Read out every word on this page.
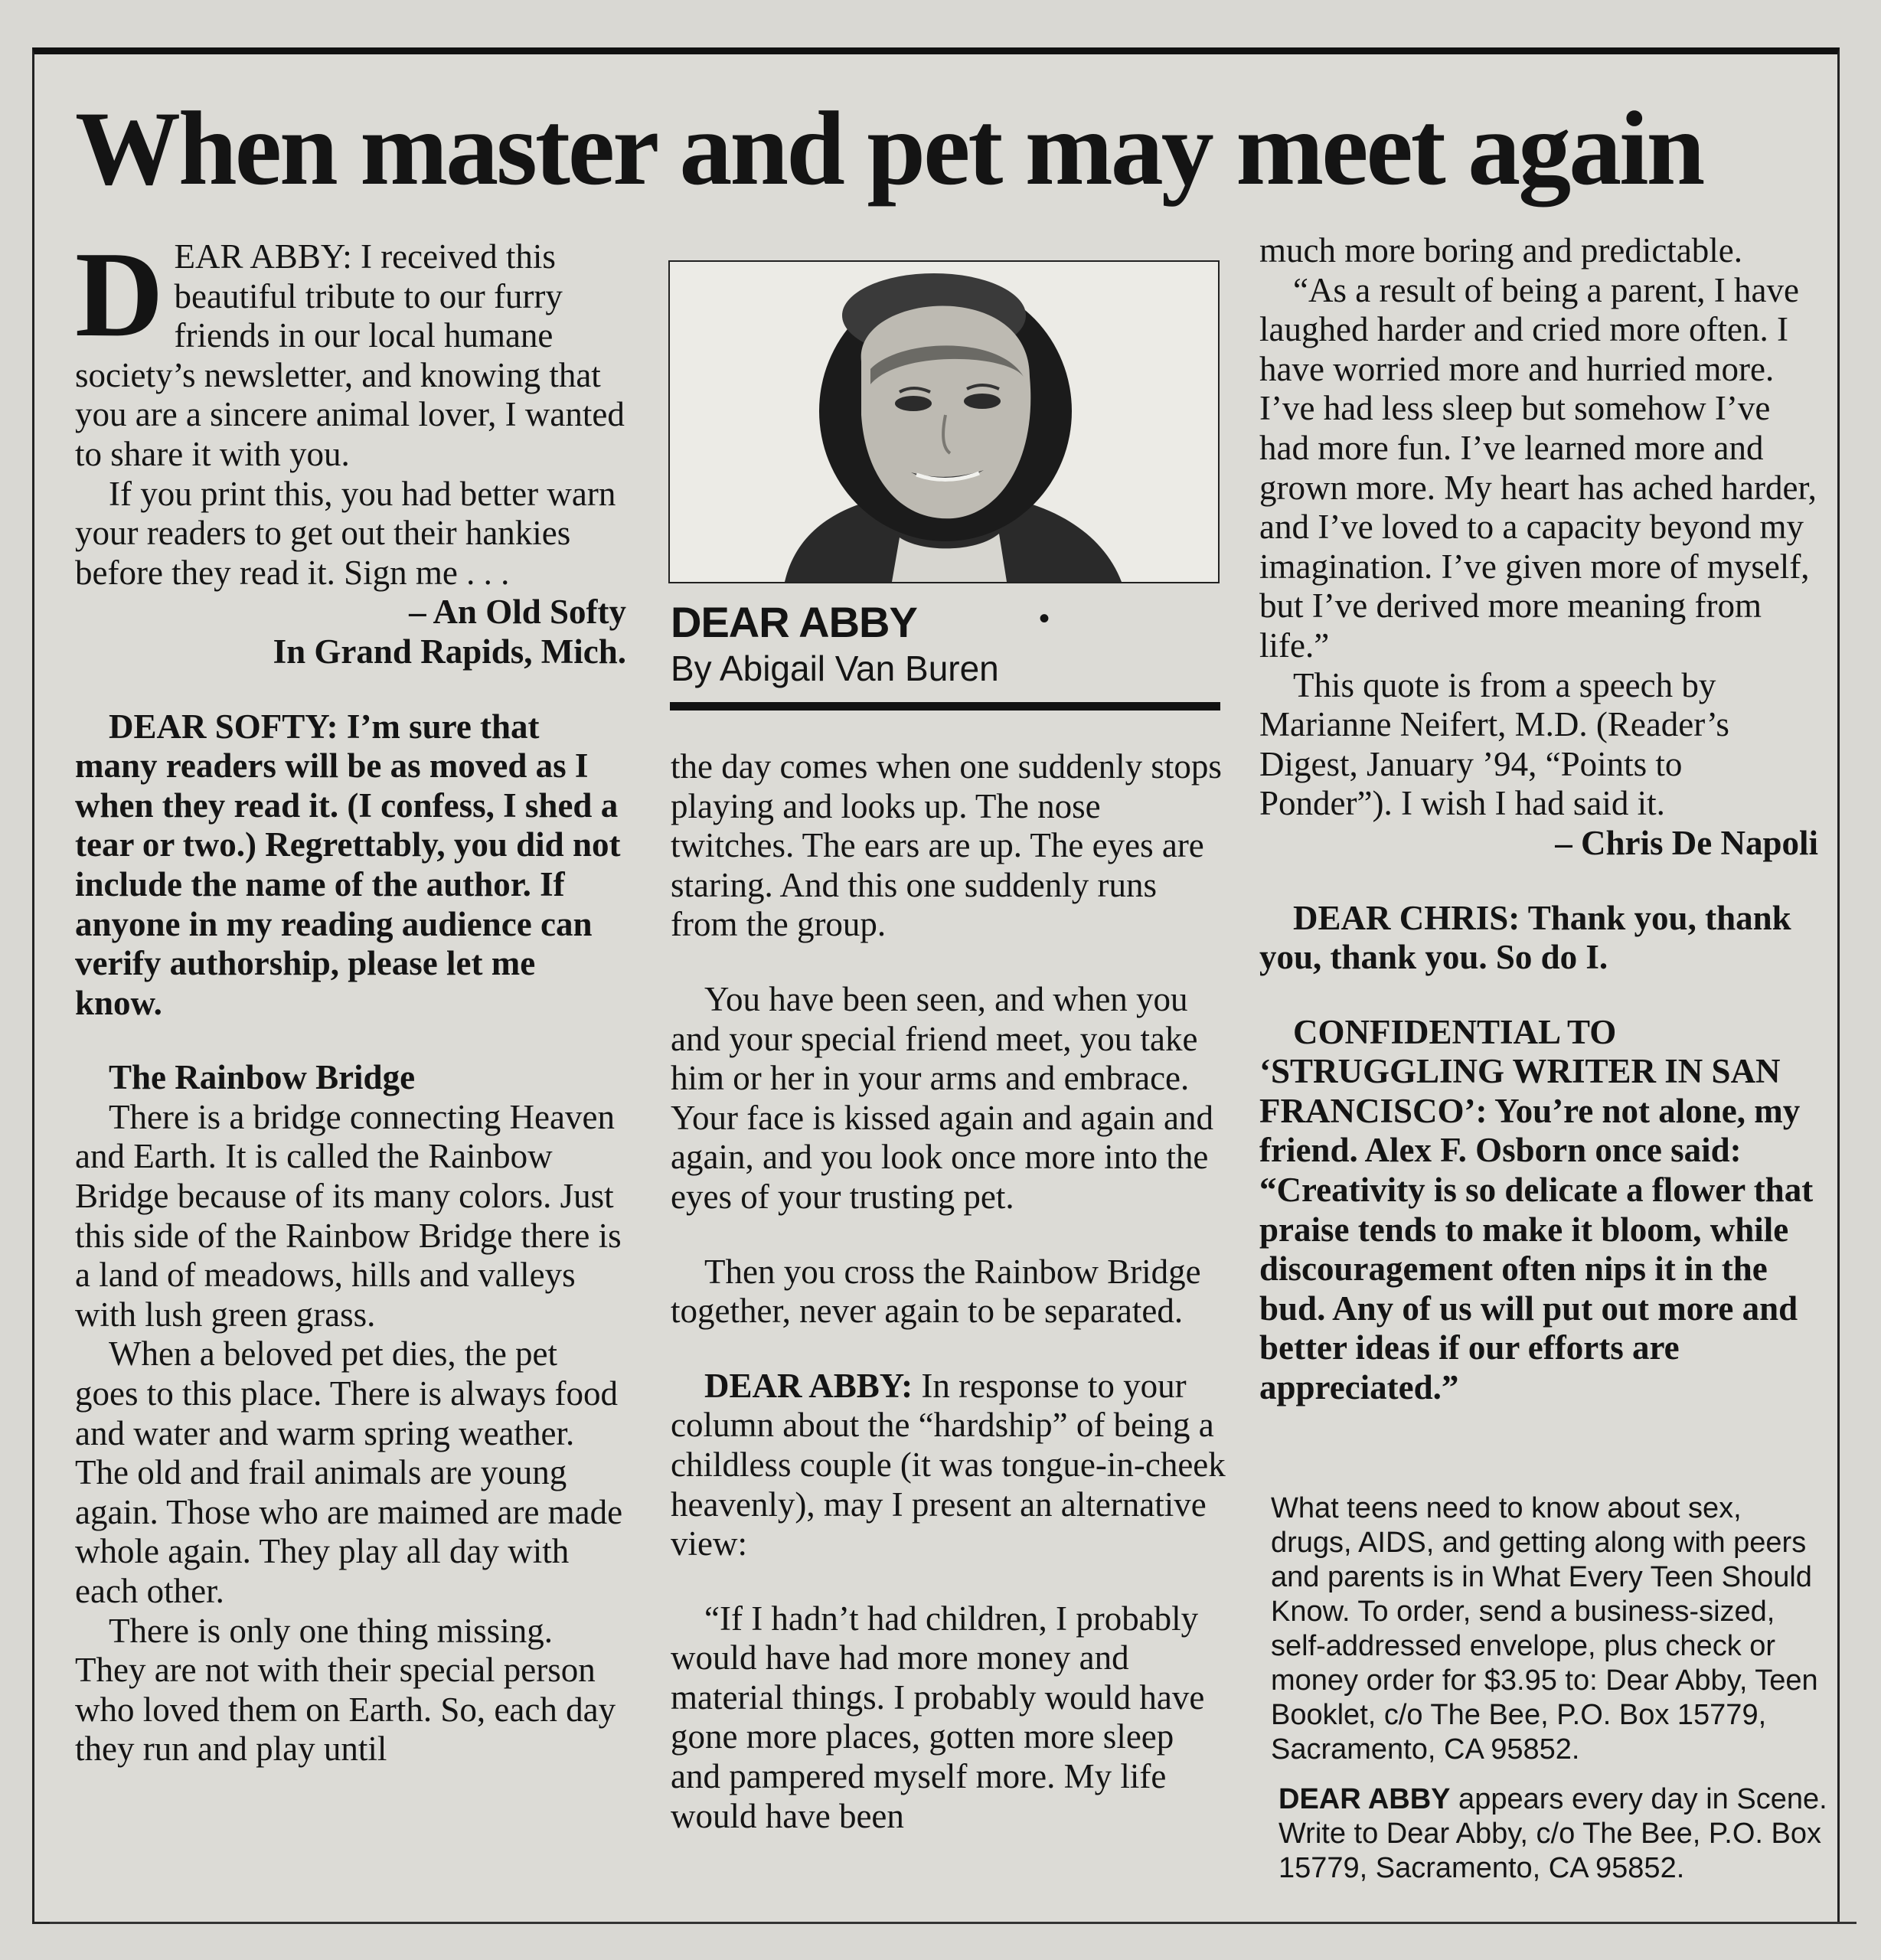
When master and pet may meet again

DEAR ABBY: I received this beautiful tribute to our furry friends in our local humane society’s newsletter, and knowing that you are a sincere animal lover, I wanted to share it with you.

If you print this, you had better warn your readers to get out their hankies before they read it. Sign me . . .

– An Old Softy

In Grand Rapids, Mich.

DEAR SOFTY: I’m sure that many readers will be as moved as I when they read it. (I confess, I shed a tear or two.) Regrettably, you did not include the name of the author. If anyone in my reading audience can verify authorship, please let me know.

The Rainbow Bridge

There is a bridge connecting Heaven and Earth. It is called the Rainbow Bridge because of its many colors. Just this side of the Rainbow Bridge there is a land of meadows, hills and valleys with lush green grass.

When a beloved pet dies, the pet goes to this place. There is always food and water and warm spring weather. The old and frail animals are young again. Those who are maimed are made whole again. They play all day with each other.

There is only one thing missing. They are not with their special person who loved them on Earth. So, each day they run and play until

DEAR ABBY	•
By Abigail Van Buren

the day comes when one suddenly stops playing and looks up. The nose twitches. The ears are up. The eyes are staring. And this one suddenly runs from the group.

You have been seen, and when you and your special friend meet, you take him or her in your arms and embrace. Your face is kissed again and again and again, and you look once more into the eyes of your trusting pet.

Then you cross the Rainbow Bridge together, never again to be separated.

DEAR ABBY: In response to your column about the “hardship” of being a childless couple (it was tongue-in-cheek heavenly), may I present an alternative view:

“If I hadn’t had children, I probably would have had more money and material things. I probably would have gone more places, gotten more sleep and pampered myself more. My life would have been

much more boring and predictable.

“As a result of being a parent, I have laughed harder and cried more often. I have worried more and hurried more. I’ve had less sleep but somehow I’ve had more fun. I’ve learned more and grown more. My heart has ached harder, and I’ve loved to a capacity beyond my imagination. I’ve given more of myself, but I’ve derived more meaning from life.”

This quote is from a speech by Marianne Neifert, M.D. (Reader’s Digest, January ’94, “Points to Ponder”). I wish I had said it.

– Chris De Napoli

DEAR CHRIS: Thank you, thank you, thank you. So do I.

CONFIDENTIAL TO ‘STRUGGLING WRITER IN SAN FRANCISCO’: You’re not alone, my friend. Alex F. Osborn once said: “Creativity is so delicate a flower that praise tends to make it bloom, while discouragement often nips it in the bud. Any of us will put out more and better ideas if our efforts are appreciated.”

What teens need to know about sex, drugs, AIDS, and getting along with peers and parents is in What Every Teen Should Know. To order, send a business-sized, self-addressed envelope, plus check or money order for $3.95 to: Dear Abby, Teen Booklet, c/o The Bee, P.O. Box 15779, Sacramento, CA 95852.

DEAR ABBY appears every day in Scene. Write to Dear Abby, c/o The Bee, P.O. Box 15779, Sacramento, CA 95852.
